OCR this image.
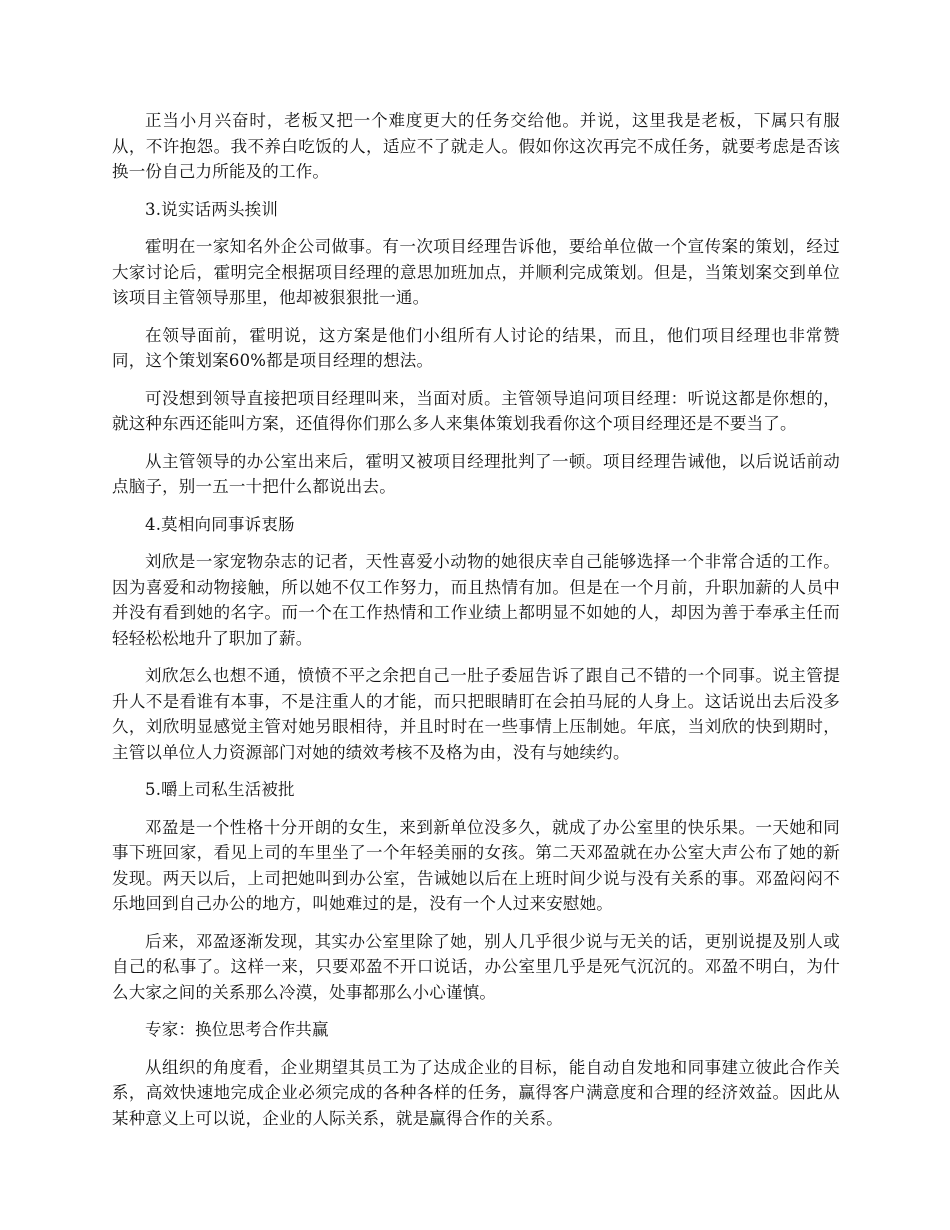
正当小月兴奋时，老板又把一个难度更大的任务交给他。并说，这里我是老板，下属只有服从，不许抱怨。我不养白吃饭的人，适应不了就走人。假如你这次再完不成任务，就要考虑是否该换一份自己力所能及的工作。

3.说实话两头挨训

霍明在一家知名外企公司做事。有一次项目经理告诉他，要给单位做一个宣传案的策划，经过大家讨论后，霍明完全根据项目经理的意思加班加点，并顺利完成策划。但是，当策划案交到单位该项目主管领导那里，他却被狠狠批一通。

在领导面前，霍明说，这方案是他们小组所有人讨论的结果，而且，他们项目经理也非常赞同，这个策划案60%都是项目经理的想法。

可没想到领导直接把项目经理叫来，当面对质。主管领导追问项目经理：听说这都是你想的，就这种东西还能叫方案，还值得你们那么多人来集体策划我看你这个项目经理还是不要当了。

从主管领导的办公室出来后，霍明又被项目经理批判了一顿。项目经理告诫他，以后说话前动点脑子，别一五一十把什么都说出去。

4.莫相向同事诉衷肠

刘欣是一家宠物杂志的记者，天性喜爱小动物的她很庆幸自己能够选择一个非常合适的工作。因为喜爱和动物接触，所以她不仅工作努力，而且热情有加。但是在一个月前，升职加薪的人员中并没有看到她的名字。而一个在工作热情和工作业绩上都明显不如她的人，却因为善于奉承主任而轻轻松松地升了职加了薪。

刘欣怎么也想不通，愤愤不平之余把自己一肚子委屈告诉了跟自己不错的一个同事。说主管提升人不是看谁有本事，不是注重人的才能，而只把眼睛盯在会拍马屁的人身上。这话说出去后没多久，刘欣明显感觉主管对她另眼相待，并且时时在一些事情上压制她。年底，当刘欣的快到期时，主管以单位人力资源部门对她的绩效考核不及格为由，没有与她续约。

5.嚼上司私生活被批

邓盈是一个性格十分开朗的女生，来到新单位没多久，就成了办公室里的快乐果。一天她和同事下班回家，看见上司的车里坐了一个年轻美丽的女孩。第二天邓盈就在办公室大声公布了她的新发现。两天以后，上司把她叫到办公室，告诫她以后在上班时间少说与没有关系的事。邓盈闷闷不乐地回到自己办公的地方，叫她难过的是，没有一个人过来安慰她。

后来，邓盈逐渐发现，其实办公室里除了她，别人几乎很少说与无关的话，更别说提及别人或自己的私事了。这样一来，只要邓盈不开口说话，办公室里几乎是死气沉沉的。邓盈不明白，为什么大家之间的关系那么冷漠，处事都那么小心谨慎。

专家：换位思考合作共赢

从组织的角度看，企业期望其员工为了达成企业的目标，能自动自发地和同事建立彼此合作关系，高效快速地完成企业必须完成的各种各样的任务，赢得客户满意度和合理的经济效益。因此从某种意义上可以说，企业的人际关系，就是赢得合作的关系。
